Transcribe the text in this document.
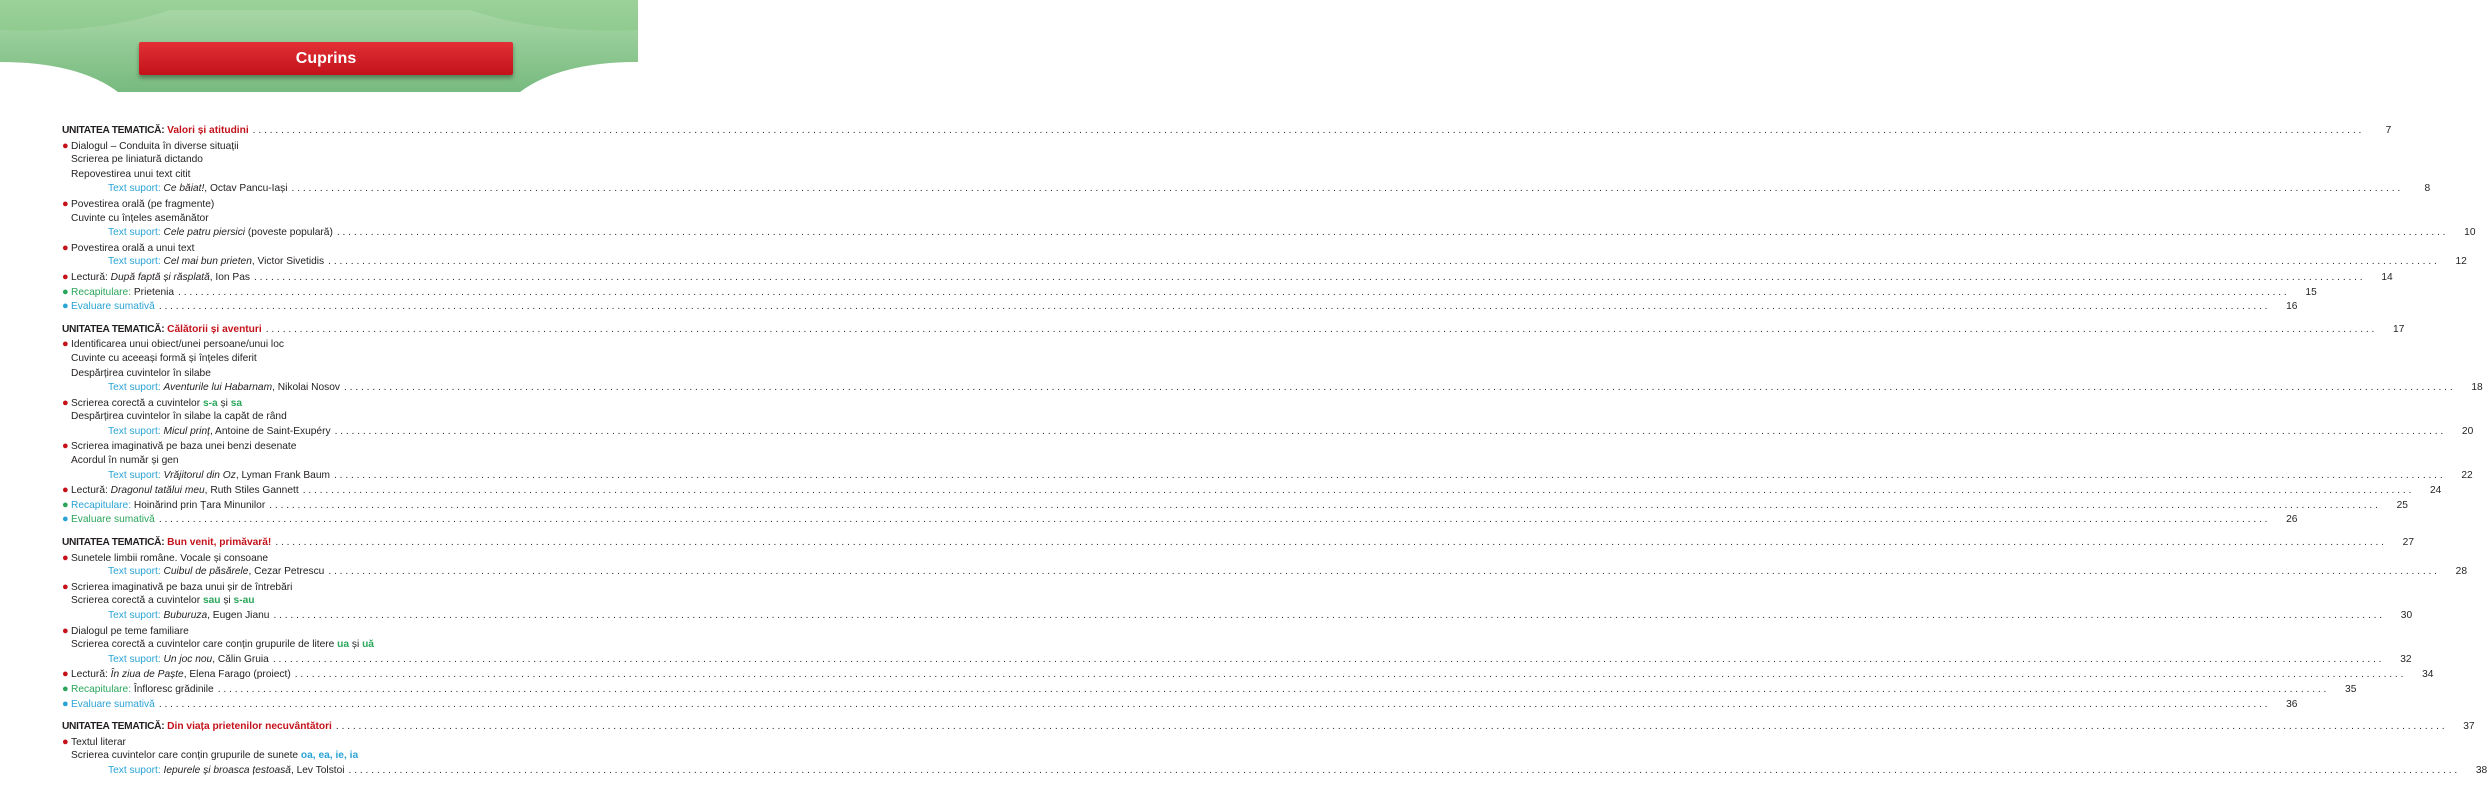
Cuprins
UNITATEA TEMATICĂ: Valori și atitudini . . .	7
● Dialogul – Conduita în diverse situații
Scrierea pe liniatură dictando
Repovestirea unui text citit
Text suport: Ce băiat!, Octav Pancu-Iași . . .	8
● Povestirea orală (pe fragmente)
Cuvinte cu înțeles asemănător
Text suport: Cele patru piersici (poveste populară) . . .	10
● Povestirea orală a unui text
Text suport: Cel mai bun prieten, Victor Sivetidis . . .	12
● Lectură: După faptă și răsplată, Ion Pas . . .	14
● Recapitulare: Prietenia . . .	15
● Evaluare sumativă . . .	16
UNITATEA TEMATICĂ: Călătorii și aventuri . . .	17
● Identificarea unui obiect/unei persoane/unui loc
Cuvinte cu aceeași formă și înțeles diferit
Despărțirea cuvintelor în silabe
Text suport: Aventurile lui Habarnam, Nikolai Nosov . . .	18
● Scrierea corectă a cuvintelor s-a și sa
Despărțirea cuvintelor în silabe la capăt de rând
Text suport: Micul prinț, Antoine de Saint-Exupéry . . .	20
● Scrierea imaginativă pe baza unei benzi desenate
Acordul în număr și gen
Text suport: Vrăjitorul din Oz, Lyman Frank Baum . . .	22
● Lectură: Dragonul tatălui meu, Ruth Stiles Gannett . . .	24
● Recapitulare: Hoinărind prin Țara Minunilor . . .	25
● Evaluare sumativă . . .	26
UNITATEA TEMATICĂ: Bun venit, primăvară! . . .	27
● Sunetele limbii române. Vocale și consoane
Text suport: Cuibul de păsărele, Cezar Petrescu . . .	28
● Scrierea imaginativă pe baza unui șir de întrebări
Scrierea corectă a cuvintelor sau și s-au
Text suport: Buburuza, Eugen Jianu . . .	30
● Dialogul pe teme familiare
Scrierea corectă a cuvintelor care conțin grupurile de litere ua și uă
Text suport: Un joc nou, Călin Gruia . . .	32
● Lectură: În ziua de Paște, Elena Farago (proiect) . . .	34
● Recapitulare: Înfloresc grădinile . . .	35
● Evaluare sumativă . . .	36
UNITATEA TEMATICĂ: Din viața prietenilor necuvântători . . .	37
● Textul literar
Scrierea cuvintelor care conțin grupurile de sunete oa, ea, ie, ia
Text suport: Iepurele și broasca țestoasă, Lev Tolstoi . . .	38
